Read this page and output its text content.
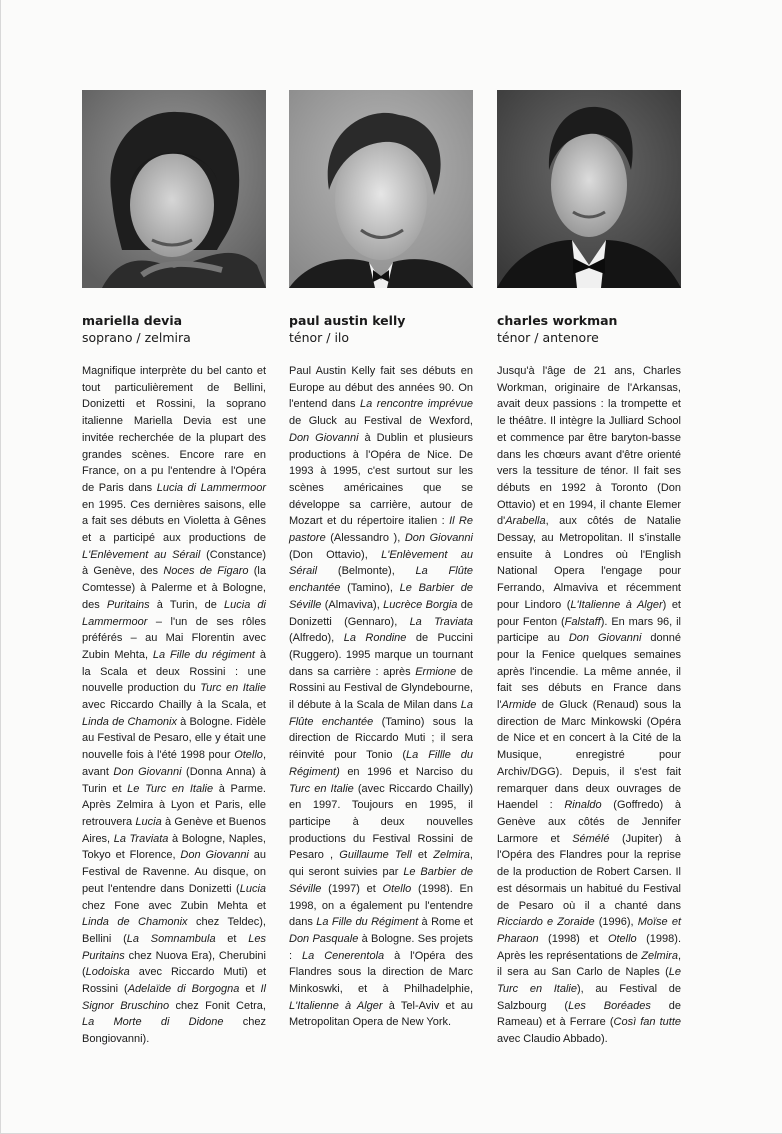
mariella devia
soprano / zelmira

Magnifique interprète du bel canto et tout particulièrement de Bellini, Donizetti et Rossini, la soprano italienne Mariella Devia est une invitée recherchée de la plupart des grandes scènes. Encore rare en France, on a pu l'entendre à l'Opéra de Paris dans Lucia di Lammermoor en 1995. Ces dernières saisons, elle a fait ses débuts en Violetta à Gênes et a participé aux productions de L'Enlèvement au Sérail (Constance) à Genève, des Noces de Figaro (la Comtesse) à Palerme et à Bologne, des Puritains à Turin, de Lucia di Lammermoor – l'un de ses rôles préférés – au Mai Florentin avec Zubin Mehta, La Fille du régiment à la Scala et deux Rossini : une nouvelle production du Turc en Italie avec Riccardo Chailly à la Scala, et Linda de Chamonix à Bologne. Fidèle au Festival de Pesaro, elle y était une nouvelle fois à l'été 1998 pour Otello, avant Don Giovanni (Donna Anna) à Turin et Le Turc en Italie à Parme. Après Zelmira à Lyon et Paris, elle retrouvera Lucia à Genève et Buenos Aires, La Traviata à Bologne, Naples, Tokyo et Florence, Don Giovanni au Festival de Ravenne. Au disque, on peut l'entendre dans Donizetti (Lucia chez Fone avec Zubin Mehta et Linda de Chamonix chez Teldec), Bellini (La Somnambula et Les Puritains chez Nuova Era), Cherubini (Lodoiska avec Riccardo Muti) et Rossini (Adelaïde di Borgogna et Il Signor Bruschino chez Fonit Cetra, La Morte di Didone chez Bongiovanni).

paul austin kelly
ténor / ilo

Paul Austin Kelly fait ses débuts en Europe au début des années 90. On l'entend dans La rencontre imprévue de Gluck au Festival de Wexford, Don Giovanni à Dublin et plusieurs productions à l'Opéra de Nice. De 1993 à 1995, c'est surtout sur les scènes américaines que se développe sa carrière, autour de Mozart et du répertoire italien : Il Re pastore (Alessandro ), Don Giovanni (Don Ottavio), L'Enlèvement au Sérail (Belmonte), La Flûte enchantée (Tamino), Le Barbier de Séville (Almaviva), Lucrèce Borgia de Donizetti (Gennaro), La Traviata (Alfredo), La Rondine de Puccini (Ruggero). 1995 marque un tournant dans sa carrière : après Ermione de Rossini au Festival de Glyndebourne, il débute à la Scala de Milan dans La Flûte enchantée (Tamino) sous la direction de Riccardo Muti ; il sera réinvité pour Tonio (La Fillle du Régiment) en 1996 et Narciso du Turc en Italie (avec Riccardo Chailly) en 1997. Toujours en 1995, il participe à deux nouvelles productions du Festival Rossini de Pesaro , Guillaume Tell et Zelmira, qui seront suivies par Le Barbier de Séville (1997) et Otello (1998). En 1998, on a également pu l'entendre dans La Fille du Régiment à Rome et Don Pasquale à Bologne. Ses projets : La Cenerentola à l'Opéra des Flandres sous la direction de Marc Minkoswki, et à Philhadelphie, L'Italienne à Alger à Tel-Aviv et au Metropolitan Opera de New York.

charles workman
ténor / antenore

Jusqu'à l'âge de 21 ans, Charles Workman, originaire de l'Arkansas, avait deux passions : la trompette et le théâtre. Il intègre la Julliard School et commence par être baryton-basse dans les chœurs avant d'être orienté vers la tessiture de ténor. Il fait ses débuts en 1992 à Toronto (Don Ottavio) et en 1994, il chante Elemer d'Arabella, aux côtés de Natalie Dessay, au Metropolitan. Il s'installe ensuite à Londres où l'English National Opera l'engage pour Ferrando, Almaviva et récemment pour Lindoro (L'Italienne à Alger) et pour Fenton (Falstaff). En mars 96, il participe au Don Giovanni donné pour la Fenice quelques semaines après l'incendie. La même année, il fait ses débuts en France dans l'Armide de Gluck (Renaud) sous la direction de Marc Minkowski (Opéra de Nice et en concert à la Cité de la Musique, enregistré pour Archiv/DGG). Depuis, il s'est fait remarquer dans deux ouvrages de Haendel : Rinaldo (Goffredo) à Genève aux côtés de Jennifer Larmore et Sémélé (Jupiter) à l'Opéra des Flandres pour la reprise de la production de Robert Carsen. Il est désormais un habitué du Festival de Pesaro où il a chanté dans Ricciardo e Zoraide (1996), Moïse et Pharaon (1998) et Otello (1998). Après les représentations de Zelmira, il sera au San Carlo de Naples (Le Turc en Italie), au Festival de Salzbourg (Les Boréades de Rameau) et à Ferrare (Così fan tutte avec Claudio Abbado).
